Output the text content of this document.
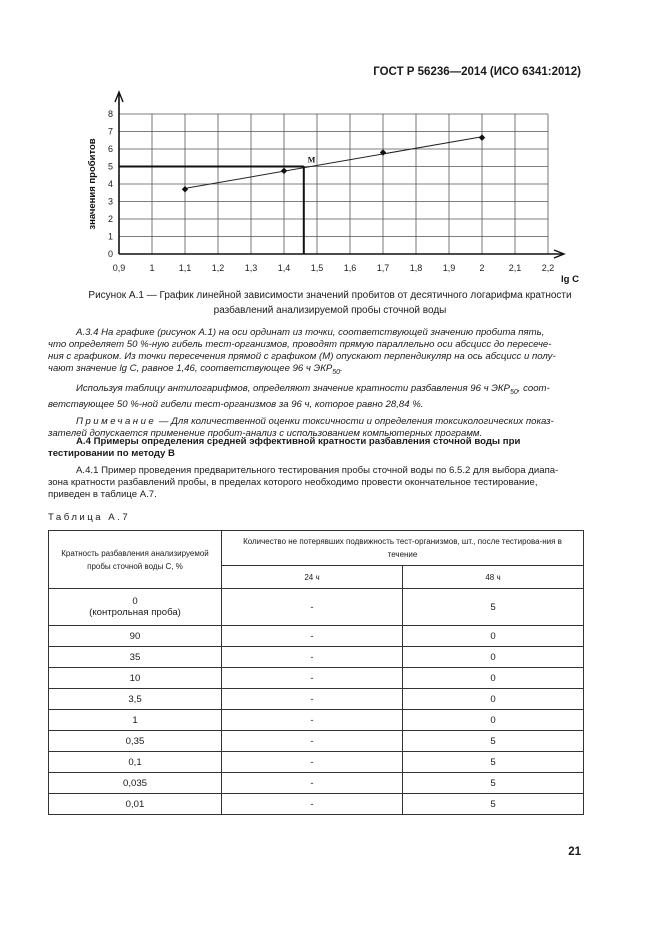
ГОСТ Р 56236—2014 (ИСО 6341:2012)
0,9	1	1,1 1,2 1,3 1,4 1,5 1,6 1,7 1,8 1,9	2	2,1 2,2
0
1
2
3
4
5
6
7
8
lg C
значения пробитов	M
Рисунок А.1 — График линейной зависимости значений пробитов от десятичного логарифма кратности
разбавлений анализируемой пробы сточной воды
А.3.4 На графике (рисунок А.1) на оси ординат из точки, соответствующей значению пробита пять,
что определяет 50 %-ную гибель тест-организмов, проводят прямую параллельно оси абсцисс до пересече-
ния с графиком. Из точки пересечения прямой с графиком (М) опускают перпендикуляр на ось абсцисс и полу-
чают значение lg C, равное 1,46, соответствующее 96 ч $ЭКР_{50}$.
Используя таблицу антилогарифмов, определяют значение кратности разбавления 96 ч $ЭКР_{50}$, соот-
ветствующее 50 %-ной гибели тест-организмов за 96 ч, которое равно 28,84 %.
Примечание — Для количественной оценки токсичности и определения токсикологических показ-
зателей допускается применение пробит-анализ с использованием компьютерных программ.
А.4 Примеры определения средней эффективной кратности разбавления сточной воды при
тестировании по методу В
А.4.1 Пример проведения предварительного тестирования пробы сточной воды по 6.5.2 для выбора диапа-
зона кратности разбавлений пробы, в пределах которого необходимо провести окончательное тестирование,
приведен в таблице А.7.
Таблица А.7
Кратность разбавления анализируемой пробы сточной воды С, %	Количество не потерявших подвижность тест-организмов, шт., после тестирова-ния в течение	
	24 ч	48 ч

0
(контрольная проба)	-	5
90	-	0
35	-	0
10	-	0
3,5	-	0
1	-	0
0,35	-	5
0,1	-	5
0,035	-	5
0,01	-	5
21
